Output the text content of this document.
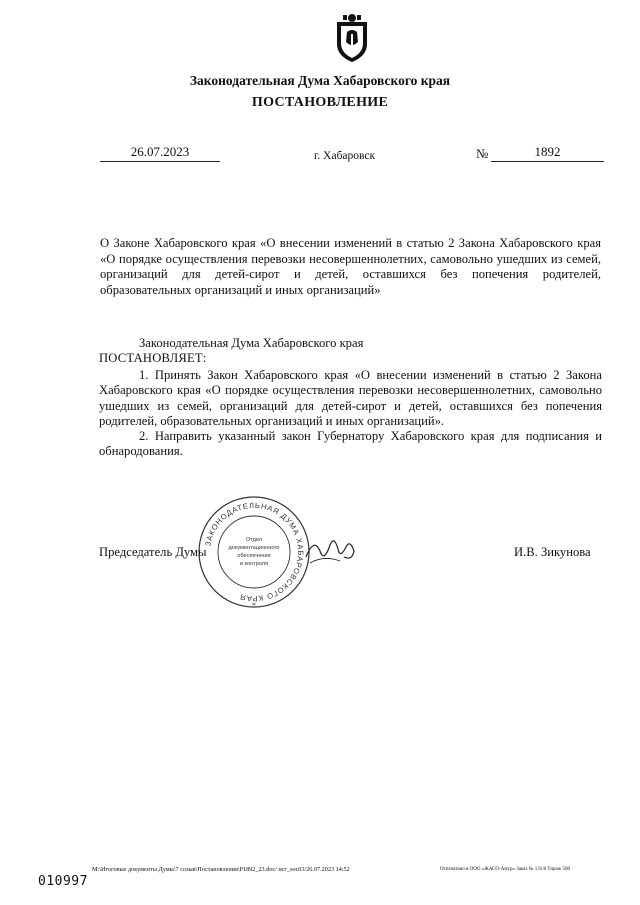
Законодательная Дума Хабаровского края
ПОСТАНОВЛЕНИЕ
26.07.2023	г. Хабаровск	№	1892
О Законе Хабаровского края «О внесении изменений в статью 2 Закона Хабаровского края «О порядке осуществления перевозки несовершеннолетних, самовольно ушедших из семей, организаций для детей-сирот и детей, оставшихся без попечения родителей, образовательных организаций и иных организаций»
Законодательная Дума Хабаровского края
ПОСТАНОВЛЯЕТ:

1. Принять Закон Хабаровского края «О внесении изменений в статью 2 Закона Хабаровского края «О порядке осуществления перевозки несовершеннолетних, самовольно ушедших из семей, организаций для детей-сирот и детей, оставшихся без попечения родителей, образовательных организаций и иных организаций».

2. Направить указанный закон Губернатору Хабаровского края для подписания и обнародования.

Председатель Думы	И.В. Зикунова
ЗАКОНОДАТЕЛЬНАЯ ДУМА ХАБАРОВСКОГО КРАЯ
Отдел
документационного
обеспечения
и контроля
*
010997
M:\Итоговые документы Думы\7 созыв\Постановления\P1892_23.doc/ нсг_soc03/26.07.2023 14:52	Отпечатано в ООО «ЖАСО-Амур» Заказ № 131/6 Тираж 500
